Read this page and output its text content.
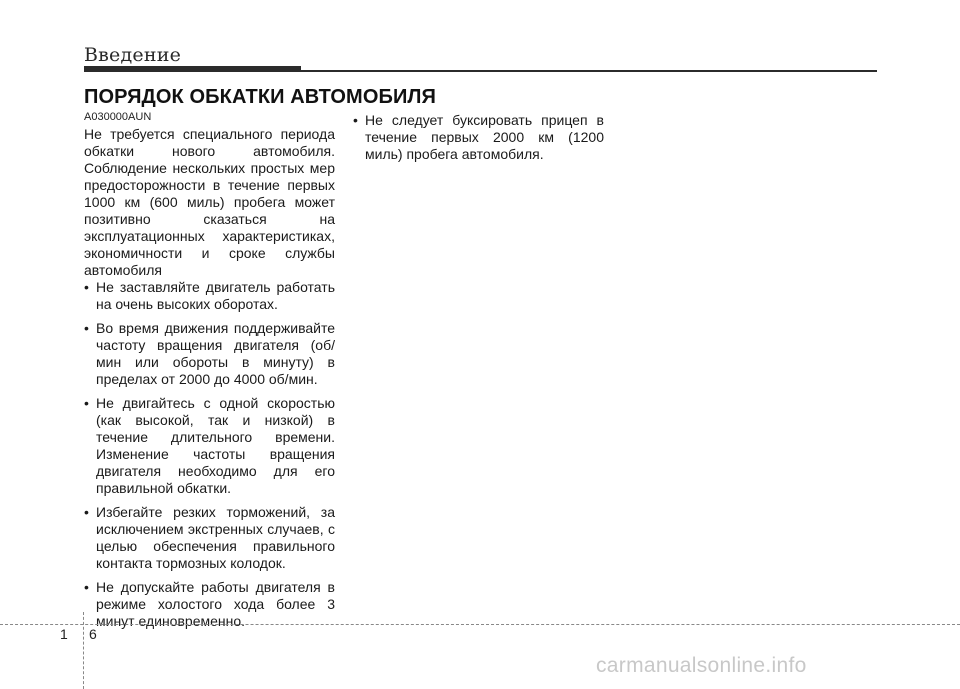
Введение
ПОРЯДОК ОБКАТКИ АВТОМОБИЛЯ
A030000AUN

Не требуется специального периода обкатки нового автомобиля. Соблюдение нескольких простых мер предосторожности в течение первых 1000 км (600 миль) пробега может позитивно сказаться на эксплуатационных характеристиках, экономичности и сроке службы автомобиля

• Не заставляйте двигатель работать на очень высоких оборотах.
• Во время движения поддерживайте частоту вращения двигателя (об/мин или обороты в минуту) в пределах от 2000 до 4000 об/мин.
• Не двигайтесь с одной скоростью (как высокой, так и низкой) в течение длительного времени. Изменение частоты вращения двигателя необходимо для его правильной обкатки.
• Избегайте резких торможений, за исключением экстренных случаев, с целью обеспечения правильного контакта тормозных колодок.
• Не допускайте работы двигателя в режиме холостого хода более 3 минут единовременно.
• Не следует буксировать прицеп в течение первых 2000 км (1200 миль) пробега автомобиля.
1 6
carmanualsonline.info
